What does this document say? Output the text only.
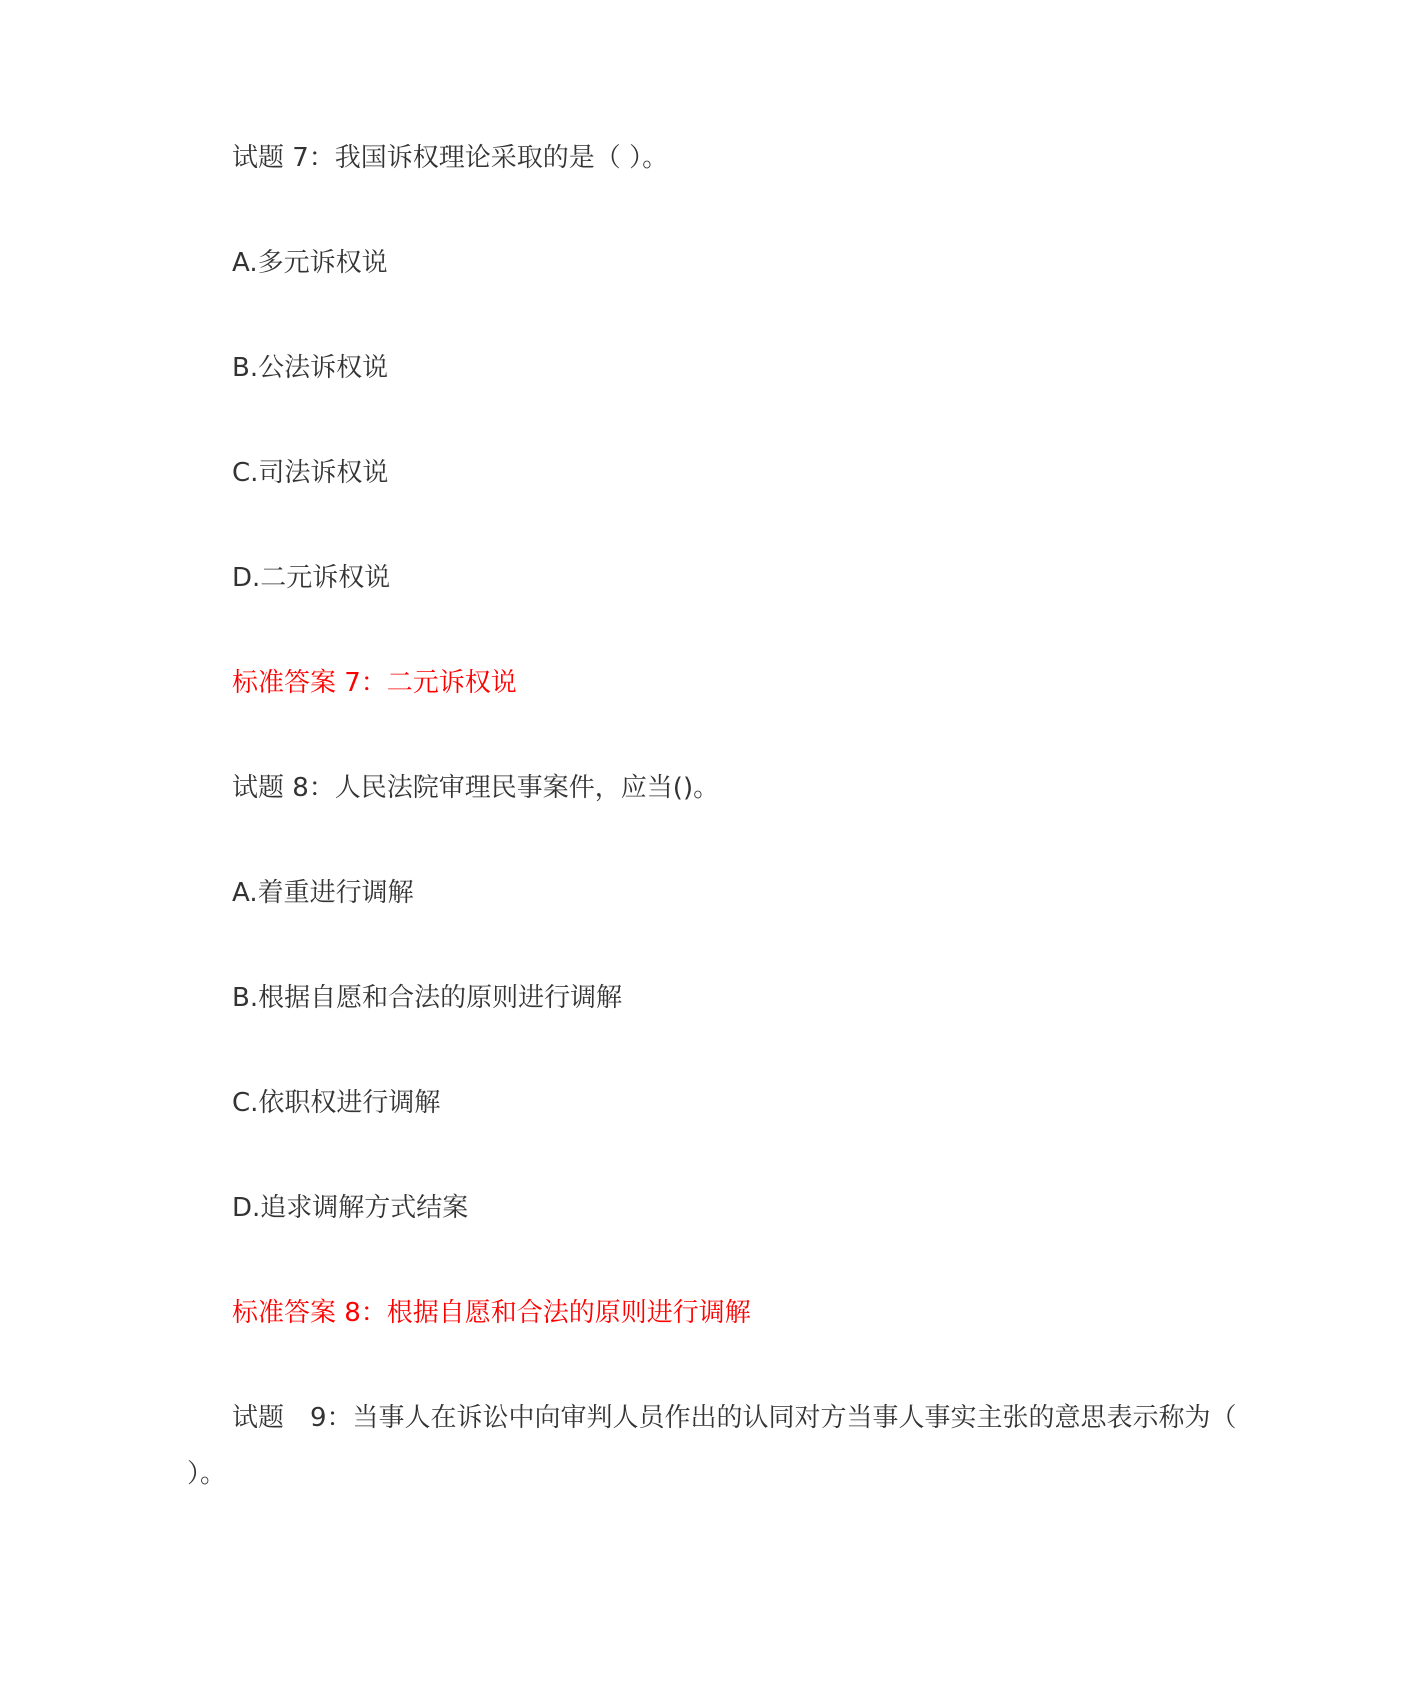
试题 7：我国诉权理论采取的是（ ）。
A.多元诉权说
B.公法诉权说
C.司法诉权说
D.二元诉权说
标准答案 7：二元诉权说
试题 8：人民法院审理民事案件，应当()。
A.着重进行调解
B.根据自愿和合法的原则进行调解
C.依职权进行调解
D.追求调解方式结案
标准答案 8：根据自愿和合法的原则进行调解
试题　9：当事人在诉讼中向审判人员作出的认同对方当事人事实主张的意思表示称为（ ）。
